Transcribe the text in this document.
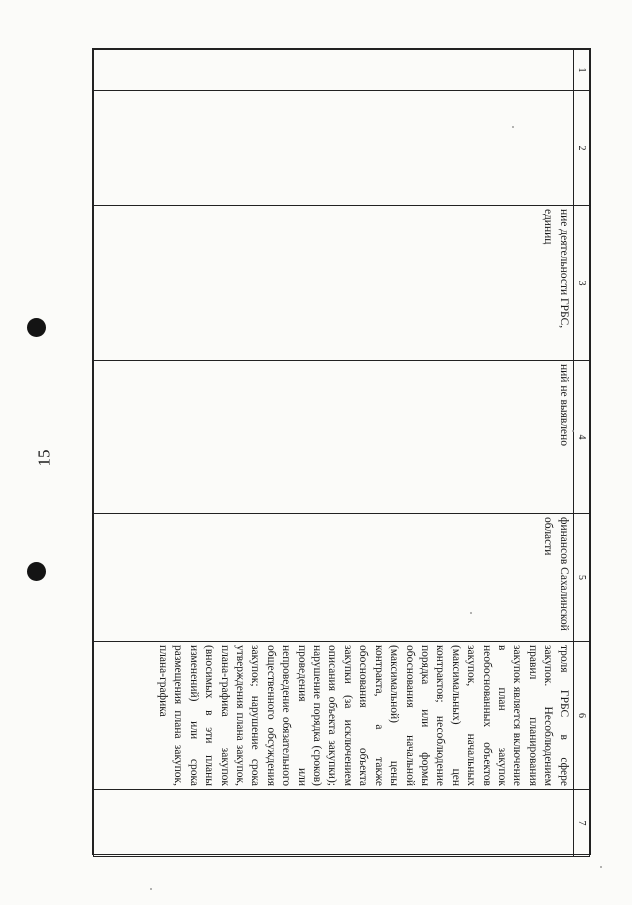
15
1	2	3	4	5	6	7
		ние деятельности ГРБС, единиц	ний не выявлено	финансов Сахалинской области	троля ГРБС в сфере закупок. Несоблюдением правил планирования закупок является включение в план закупок необоснованных объектов закупок, начальных (максимальных) цен контрактов; несоблюдение порядка или формы обоснования начальной (максимальной) цены контракта, а также обоснования объекта закупки (за исключением описания объекта закупки); нарушение порядка (сроков) проведения или непроведение обязательного общественного обсуждения закупок; нарушение срока утверждения плана закупок, плана-графика закупок (вносимых в эти планы изменений) или срока размещения плана закупок, плана-графика	
